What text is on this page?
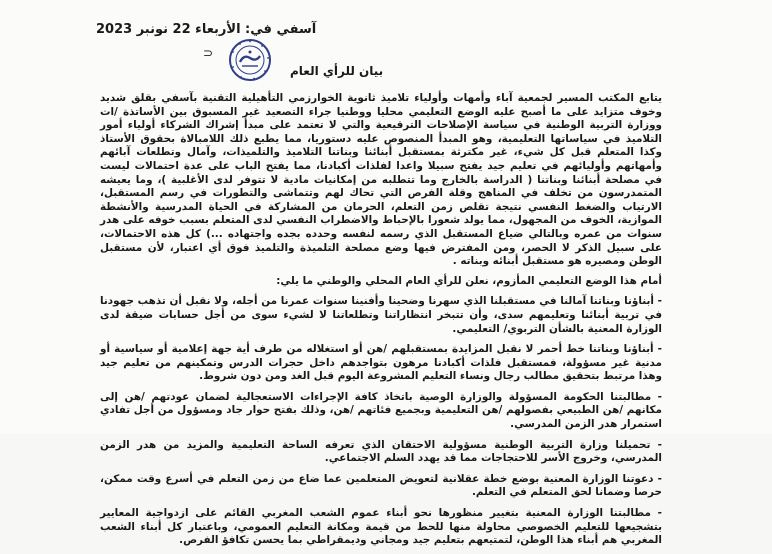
آسفي في: الأربعاء 22 نونبر 2023
⊃
بيان للرأي العام

يتابع المكتب المسير لجمعية آباء وأمهات وأولياء تلاميذ ثانوية الخوارزمي التأهيلية التقنية بآسفي بقلق شديد وخوف متزايد على ما أصبح عليه الوضع التعليمي محليا ووطنيا جراء التصعيد غير المسبوق بين الأساتذة /ات ووزارة التربية الوطنية في سياسة الإصلاحات الترقيعية والتي لا تعتمد على مبدأ إشراك الشركاء أولياء أمور التلاميذ في سياساتها التعليمية، وهو المبدأ المنصوص عليه دستوريا، مما يطبع ذلك اللامبالاة بحقوق الأستاذ وكذا المتعلم قبل كل شيء، غير مكترثة بمستقبل أبنائنا وبناتنا التلاميذ والتلميذات، وآمال وتطلعات آبائهم وأمهاتهم وأوليائهم في تعليم جيد يفتح سبيلا واعدا لفلذات أكبادنا، مما يفتح الباب على عدة احتمالات ليست في مصلحة أبنائنا وبناتنا ( الدراسة بالخارج وما تتطلبه من إمكانيات مادية لا تتوفر لدى الأغلبية )، وما يعيشه المتمدرسون من تخلف في المناهج وقلة الفرص التي تحاك لهم وتتماشى والتطورات في رسم المستقبل، الارتياب والضغط النفسي نتيجة تقلص زمن التعلم، الحرمان من المشاركة في الحياة المدرسية والأنشطة الموازية، الخوف من المجهول، مما يولد شعورا بالإحباط والاضطراب النفسي لدى المتعلم بسبب خوفه على هدر سنوات من عمره وبالتالي ضياع المستقبل الذي رسمه لنفسه وحدده بجده واجتهاده ...) كل هذه الاحتمالات، على سبيل الذكر لا الحصر، ومن المفترض فيها وضع مصلحة التلميذة والتلميذ فوق أي اعتبار، لأن مستقبل الوطن ومصيره هو مستقبل أبنائه وبناته .

أمام هذا الوضع التعليمي المأزوم، نعلن للرأي العام المحلي والوطني ما يلي:

- أبناؤنا وبناتنا آمالنا في مستقبلنا الذي سهرنا وضحينا وأفنينا سنوات عمرنا من أجله، ولا نقبل أن تذهب جهودنا في تربية أبنائنا وتعليمهم سدى، وأن تتبخر انتظاراتنا وتطلعاتنا لا لشيء سوى من أجل حسابات ضيقة لدى الوزارة المعنية بالشأن التربوي/ التعليمي.

- أبناؤنا وبناتنا خط أحمر لا نقبل المزايدة بمستقبلهم /هن أو استغلاله من طرف أية جهة إعلامية أو سياسية أو مدنية غير مسؤولة، فمستقبل فلذات أكبادنا مرهون بتواجدهم داخل حجرات الدرس وتمكينهم من تعليم جيد وهذا مرتبط بتحقيق مطالب رجال ونساء التعليم المشروعة اليوم قبل الغد ومن دون شروط.

- مطالبتنا الحكومة المسؤولة والوزارة الوصية باتخاذ كافة الإجراءات الاستعجالية لضمان عودتهم /هن إلى مكانهم /هن الطبيعي بفصولهم /هن التعليمية وبجميع فئاتهم /هن، وذلك بفتح حوار جاد ومسؤول من أجل تفادي استمرار هدر الزمن المدرسي.

- تحميلنا وزارة التربية الوطنية مسؤولية الاحتقان الذي تعرفه الساحة التعليمية والمزيد من هدر الزمن المدرسي، وخروج الأسر للاحتجاجات مما قد يهدد السلم الاجتماعي.

- دعوتنا الوزارة المعنية بوضع خطة عقلانية لتعويض المتعلمين عما ضاع من زمن التعلم في أسرع وقت ممكن، حرصا وضمانا لحق المتعلم في التعلم.

- مطالبتنا الوزارة المعنية بتغيير منظورها نحو أبناء عموم الشعب المغربي القائم على ازدواجية المعايير بتشجيعها للتعليم الخصوصي محاولة منها للحط من قيمة ومكانة التعليم العمومي، وباعتبار كل أبناء الشعب المغربي هم أبناء هذا الوطن، لتمتيعهم بتعليم جيد ومجاني وديمقراطي بما يحسن تكافؤ الفرص.
